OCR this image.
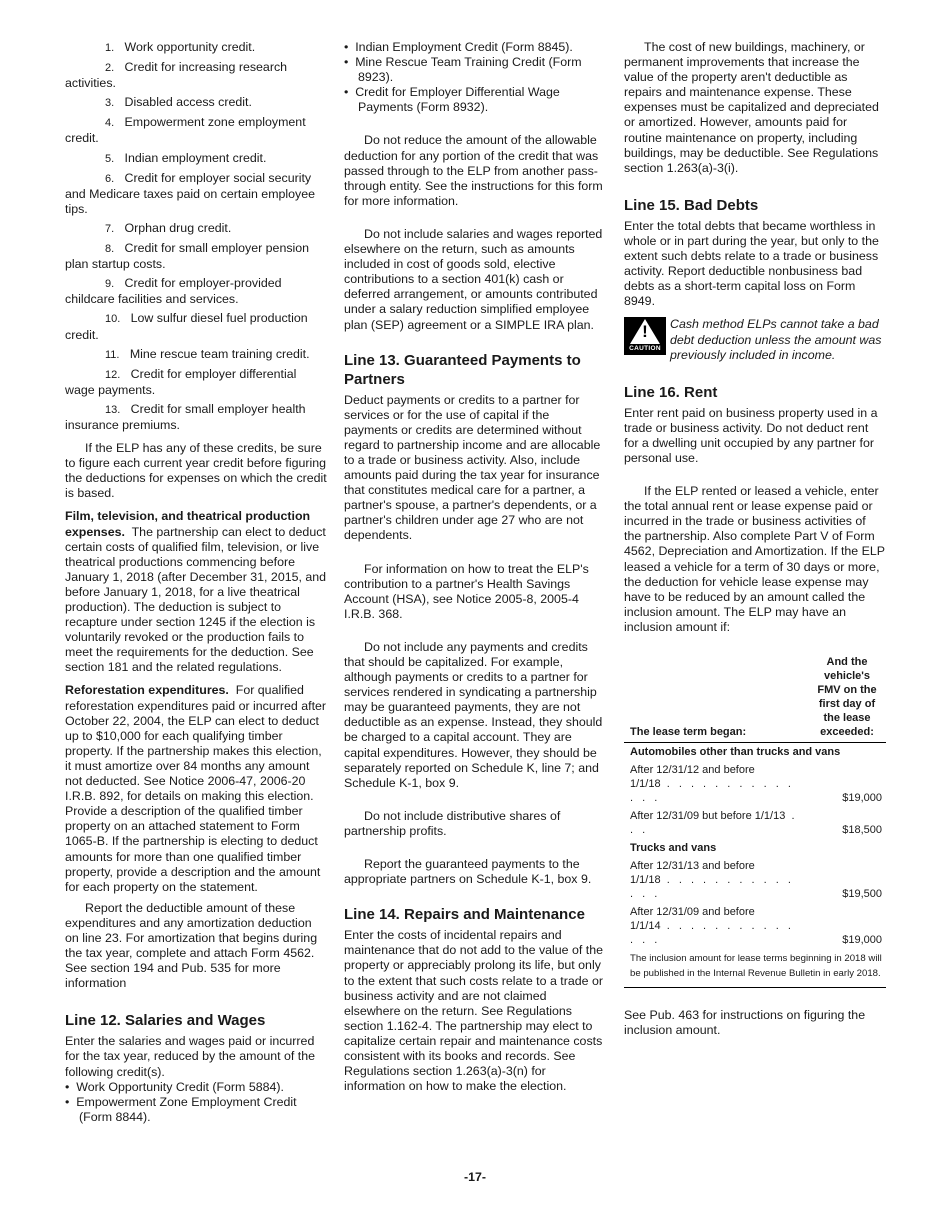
1. Work opportunity credit.

2. Credit for increasing research activities.

3. Disabled access credit.

4. Empowerment zone employment credit.

5. Indian employment credit.

6. Credit for employer social security and Medicare taxes paid on certain employee tips.

7. Orphan drug credit.

8. Credit for small employer pension plan startup costs.

9. Credit for employer-provided childcare facilities and services.

10. Low sulfur diesel fuel production credit.

11. Mine rescue team training credit.

12. Credit for employer differential wage payments.

13. Credit for small employer health insurance premiums.

If the ELP has any of these credits, be sure to figure each current year credit before figuring the deductions for expenses on which the credit is based.

Film, television, and theatrical production expenses. The partnership can elect to deduct certain costs of qualified film, television, or live theatrical productions commencing before January 1, 2018 (after December 31, 2015, and before January 1, 2018, for a live theatrical production). The deduction is subject to recapture under section 1245 if the election is voluntarily revoked or the production fails to meet the requirements for the deduction. See section 181 and the related regulations.

Reforestation expenditures. For qualified reforestation expenditures paid or incurred after October 22, 2004, the ELP can elect to deduct up to $10,000 for each qualifying timber property. If the partnership makes this election, it must amortize over 84 months any amount not deducted. See Notice 2006-47, 2006-20 I.R.B. 892, for details on making this election. Provide a description of the qualified timber property on an attached statement to Form 1065-B. If the partnership is electing to deduct amounts for more than one qualified timber property, provide a description and the amount for each property on the statement.

Report the deductible amount of these expenditures and any amortization deduction on line 23. For amortization that begins during the tax year, complete and attach Form 4562. See section 194 and Pub. 535 for more information

Line 12. Salaries and Wages

Enter the salaries and wages paid or incurred for the tax year, reduced by the amount of the following credit(s).

•  Work Opportunity Credit (Form 5884).

•  Empowerment Zone Employment Credit (Form 8844).

•  Indian Employment Credit (Form 8845).

•  Mine Rescue Team Training Credit (Form 8923).

•  Credit for Employer Differential Wage Payments (Form 8932).

Do not reduce the amount of the allowable deduction for any portion of the credit that was passed through to the ELP from another pass-through entity. See the instructions for this form for more information.

Do not include salaries and wages reported elsewhere on the return, such as amounts included in cost of goods sold, elective contributions to a section 401(k) cash or deferred arrangement, or amounts contributed under a salary reduction simplified employee plan (SEP) agreement or a SIMPLE IRA plan.

Line 13. Guaranteed Payments to Partners

Deduct payments or credits to a partner for services or for the use of capital if the payments or credits are determined without regard to partnership income and are allocable to a trade or business activity. Also, include amounts paid during the tax year for insurance that constitutes medical care for a partner, a partner's spouse, a partner's dependents, or a partner's children under age 27 who are not dependents.

For information on how to treat the ELP's contribution to a partner's Health Savings Account (HSA), see Notice 2005-8, 2005-4 I.R.B. 368.

Do not include any payments and credits that should be capitalized. For example, although payments or credits to a partner for services rendered in syndicating a partnership may be guaranteed payments, they are not deductible as an expense. Instead, they should be charged to a capital account. They are capital expenditures. However, they should be separately reported on Schedule K, line 7; and Schedule K-1, box 9.

Do not include distributive shares of partnership profits.

Report the guaranteed payments to the appropriate partners on Schedule K-1, box 9.

Line 14. Repairs and Maintenance

Enter the costs of incidental repairs and maintenance that do not add to the value of the property or appreciably prolong its life, but only to the extent that such costs relate to a trade or business activity and are not claimed elsewhere on the return. See Regulations section 1.162-4. The partnership may elect to capitalize certain repair and maintenance costs consistent with its books and records. See Regulations section 1.263(a)-3(n) for information on how to make the election.

The cost of new buildings, machinery, or permanent improvements that increase the value of the property aren't deductible as repairs and maintenance expense. These expenses must be capitalized and depreciated or amortized. However, amounts paid for routine maintenance on property, including buildings, may be deductible. See Regulations section 1.263(a)-3(i).

Line 15. Bad Debts

Enter the total debts that became worthless in whole or in part during the year, but only to the extent such debts relate to a trade or business activity. Report deductible nonbusiness bad debts as a short-term capital loss on Form 8949.

!
CAUTION
Cash method ELPs cannot take a bad debt deduction unless the amount was previously included in income.
Line 16. Rent

Enter rent paid on business property used in a trade or business activity. Do not deduct rent for a dwelling unit occupied by any partner for personal use.

If the ELP rented or leased a vehicle, enter the total annual rent or lease expense paid or incurred in the trade or business activities of the partnership. Also complete Part V of Form 4562, Depreciation and Amortization. If the ELP leased a vehicle for a term of 30 days or more, the deduction for vehicle lease expense may have to be reduced by an amount called the inclusion amount. The ELP may have an inclusion amount if:

The lease term began:	And the vehicle's FMV on the first day of the lease exceeded:
Automobiles other than trucks and vans	
After 12/31/12 and before
1/1/18 . . . . . . . . . . . . . .	$19,000
After 12/31/09 but before 1/1/13 . . .	$18,500
Trucks and vans	
After 12/31/13 and before
1/1/18 . . . . . . . . . . . . . .	$19,500
After 12/31/09 and before
1/1/14 . . . . . . . . . . . . . .	$19,000
The inclusion amount for lease terms beginning in 2018 will be published in the Internal Revenue Bulletin in early 2018.	

See Pub. 463 for instructions on figuring the inclusion amount.

-17-
